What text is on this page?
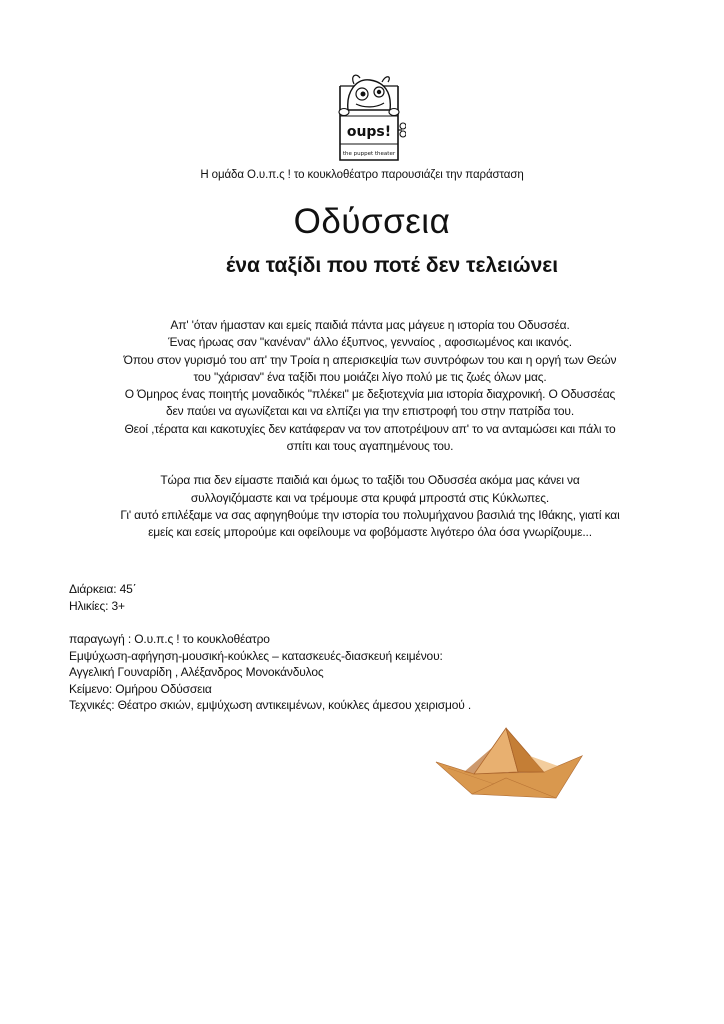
oups!
the puppet theater
Η ομάδα Ο.υ.π.ς ! το κουκλοθέατρο παρουσιάζει την παράσταση
Οδύσσεια
ένα ταξίδι που ποτέ δεν τελειώνει

Απ' 'όταν ήμασταν και εμείς παιδιά πάντα μας μάγευε η ιστορία του Οδυσσέα.
Ένας ήρωας σαν "κανέναν" άλλο έξυπνος, γενναίος , αφοσιωμένος και ικανός.
Όπου στον γυρισμό του απ' την Τροία η απερισκεψία των συντρόφων του και η οργή των Θεών
του "χάρισαν" ένα ταξίδι που μοιάζει λίγο πολύ με τις ζωές όλων μας.
Ο Όμηρος ένας ποιητής μοναδικός "πλέκει" με δεξιοτεχνία μια ιστορία διαχρονική. Ο Οδυσσέας
δεν παύει να αγωνίζεται και να ελπίζει για την επιστροφή του στην πατρίδα του.
Θεοί ,τέρατα και κακοτυχίες δεν κατάφεραν να τον αποτρέψουν απ' το να ανταμώσει και πάλι το
σπίτι και τους αγαπημένους του.

Τώρα πια δεν είμαστε παιδιά και όμως το ταξίδι του Οδυσσέα ακόμα μας κάνει να
συλλογιζόμαστε και να τρέμουμε στα κρυφά μπροστά στις Κύκλωπες.
Γι' αυτό επιλέξαμε να σας αφηγηθούμε την ιστορία του πολυμήχανου βασιλιά της Ιθάκης, γιατί και
εμείς και εσείς μπορούμε και οφείλουμε να φοβόμαστε λιγότερο όλα όσα γνωρίζουμε...

Διάρκεια: 45΄
Ηλικίες: 3+
παραγωγή : Ο.υ.π.ς ! το κουκλοθέατρο
Εμψύχωση-αφήγηση-μουσική-κούκλες – κατασκευές-διασκευή κειμένου:
Αγγελική Γουναρίδη , Αλέξανδρος Μονοκάνδυλος
Κείμενο: Ομήρου Οδύσσεια
Τεχνικές: Θέατρο σκιών, εμψύχωση αντικειμένων, κούκλες άμεσου χειρισμού .
